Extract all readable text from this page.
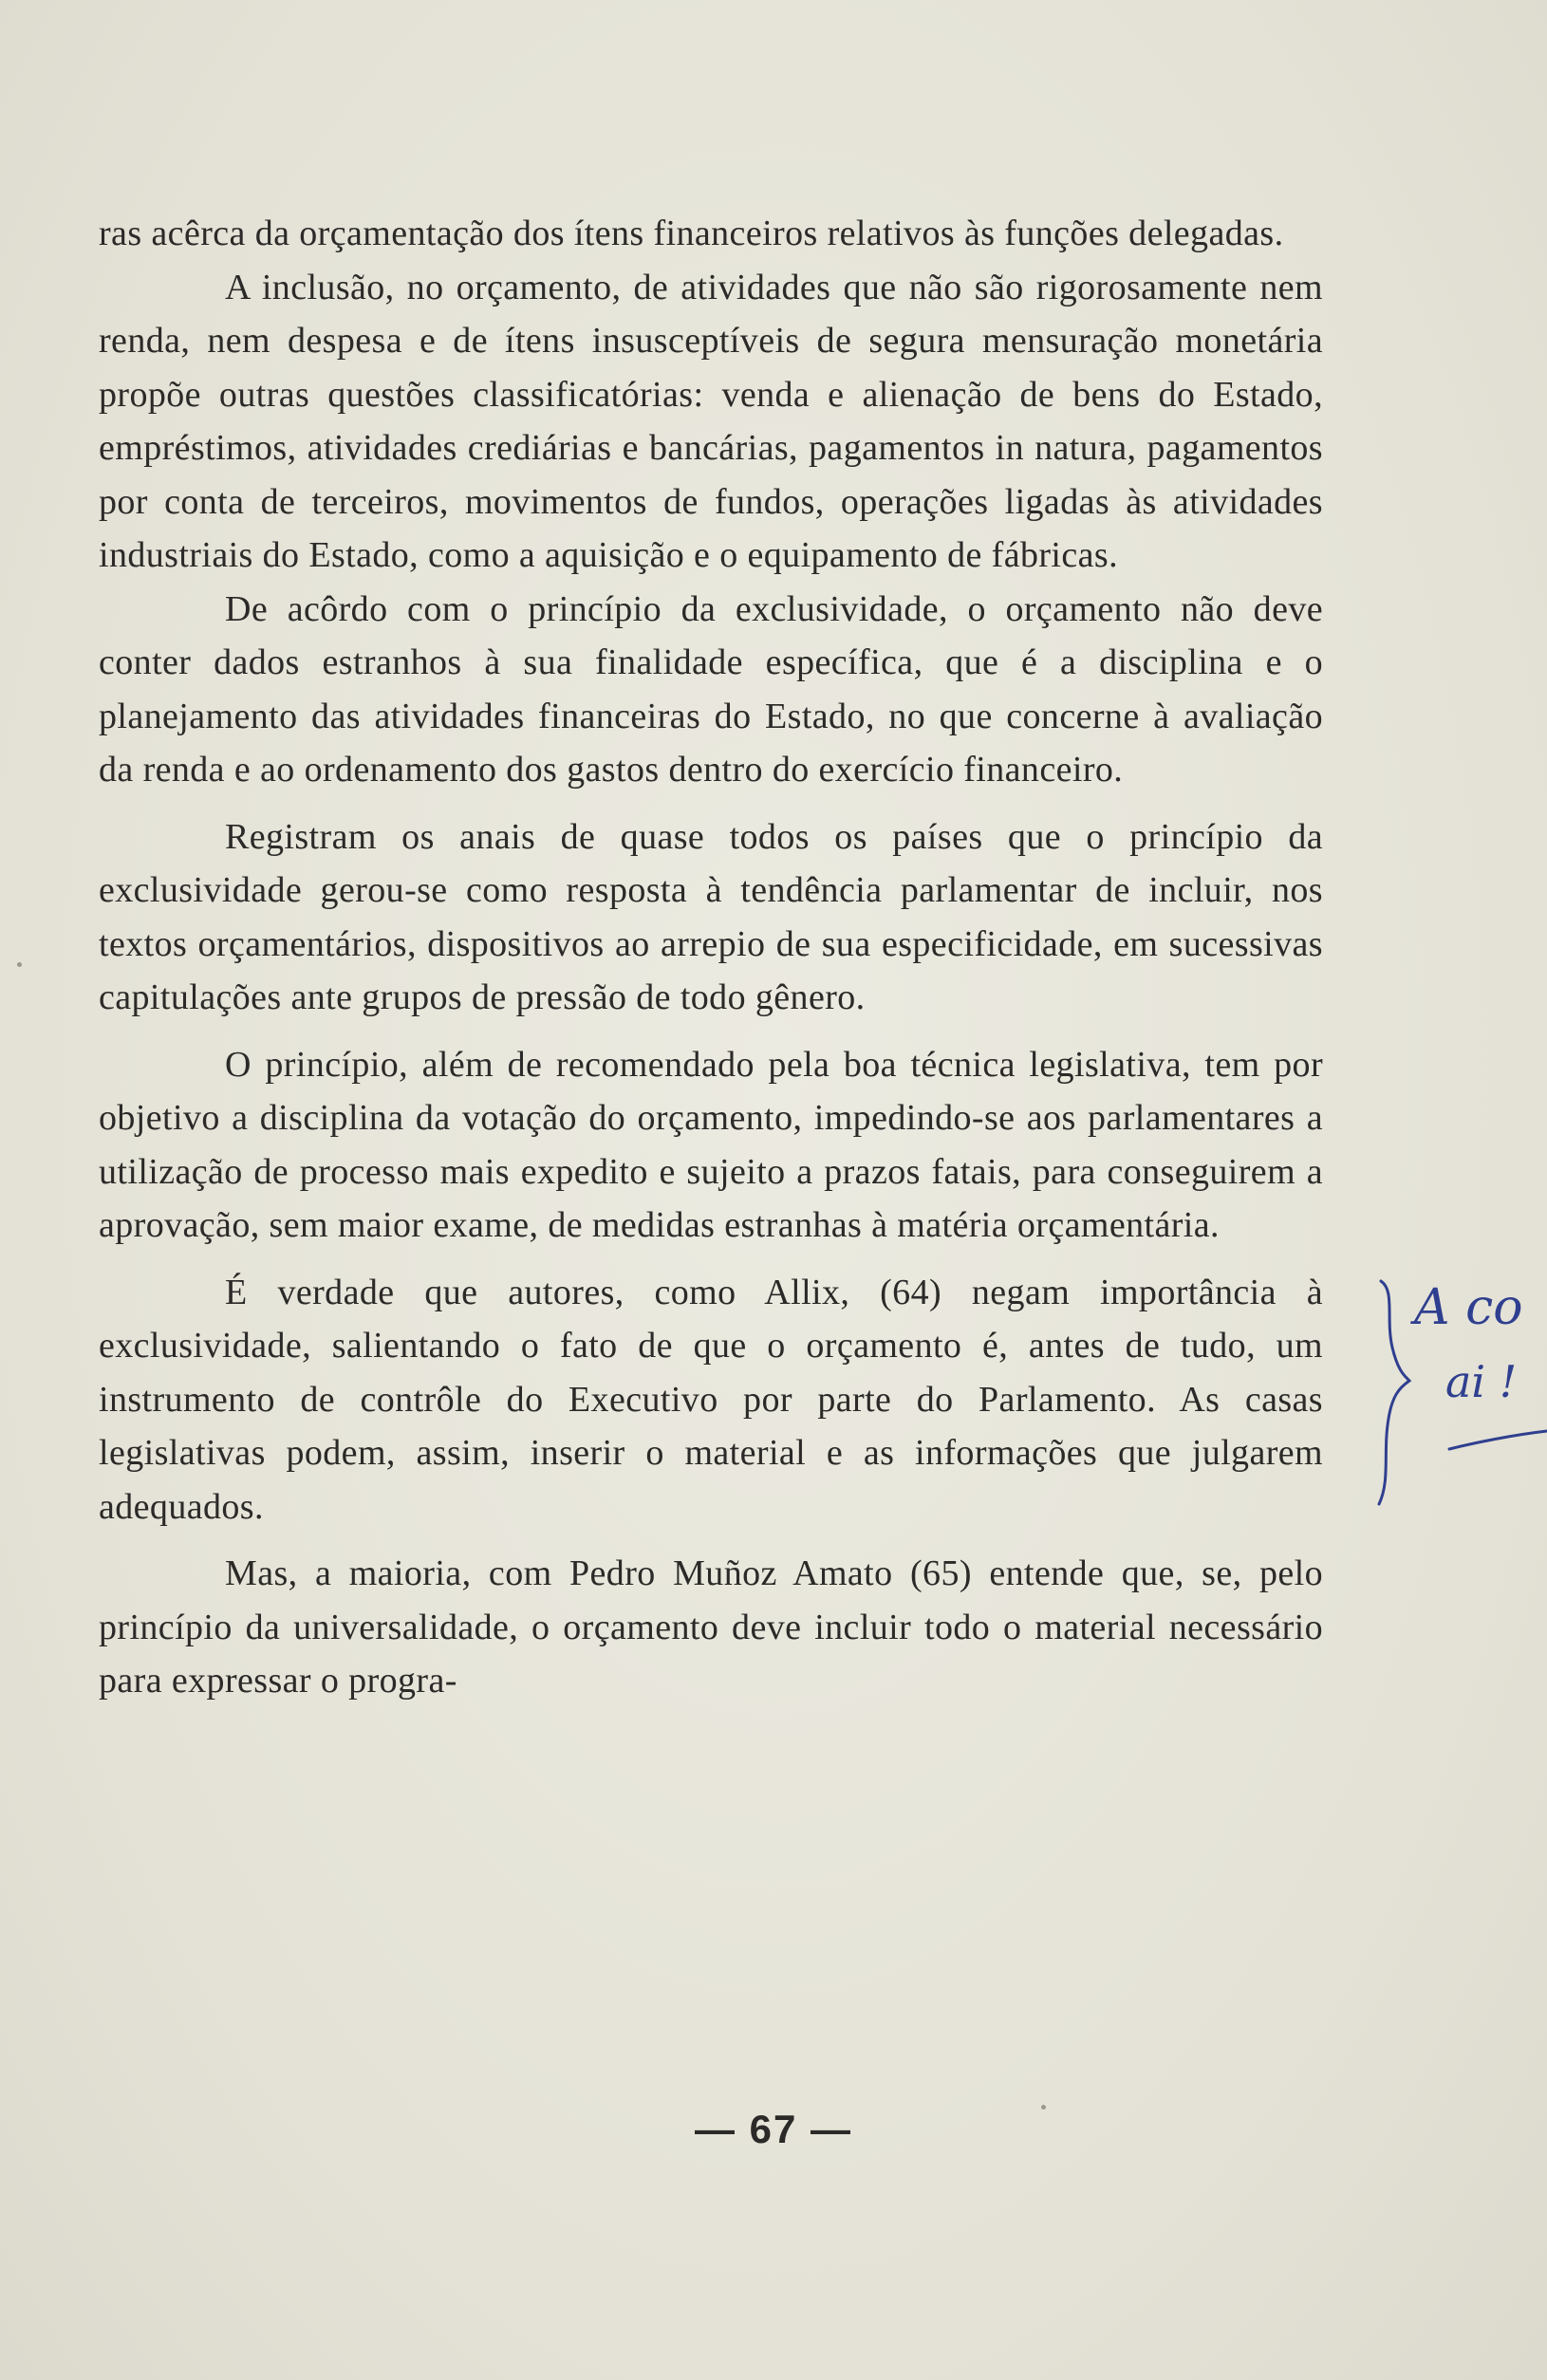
ras acêrca da orçamentação dos ítens financeiros relativos às funções delegadas.

A inclusão, no orçamento, de atividades que não são rigorosamente nem renda, nem despesa e de ítens insusceptíveis de segura mensuração monetária propõe outras questões classificatórias: venda e alienação de bens do Estado, empréstimos, atividades crediárias e bancárias, pagamentos in natura, pagamentos por conta de terceiros, movimentos de fundos, operações ligadas às atividades industriais do Estado, como a aquisição e o equipamento de fábricas.

De acôrdo com o princípio da exclusividade, o orçamento não deve conter dados estranhos à sua finalidade específica, que é a disciplina e o planejamento das atividades financeiras do Estado, no que concerne à avaliação da renda e ao ordenamento dos gastos dentro do exercício financeiro.

Registram os anais de quase todos os países que o princípio da exclusividade gerou-se como resposta à tendência parlamentar de incluir, nos textos orçamentários, dispositivos ao arrepio de sua especificidade, em sucessivas capitulações ante grupos de pressão de todo gênero.

O princípio, além de recomendado pela boa técnica legislativa, tem por objetivo a disciplina da votação do orçamento, impedindo-se aos parlamentares a utilização de processo mais expedito e sujeito a prazos fatais, para conseguirem a aprovação, sem maior exame, de medidas estranhas à matéria orçamentária.

É verdade que autores, como Allix, (64) negam importância à exclusividade, salientando o fato de que o orçamento é, antes de tudo, um instrumento de contrôle do Executivo por parte do Parlamento. As casas legislativas podem, assim, inserir o material e as informações que julgarem adequados.

Mas, a maioria, com Pedro Muñoz Amato (65) entende que, se, pelo princípio da universalidade, o orçamento deve incluir todo o material necessário para expressar o progra-

A co
ai !
— 67 —
